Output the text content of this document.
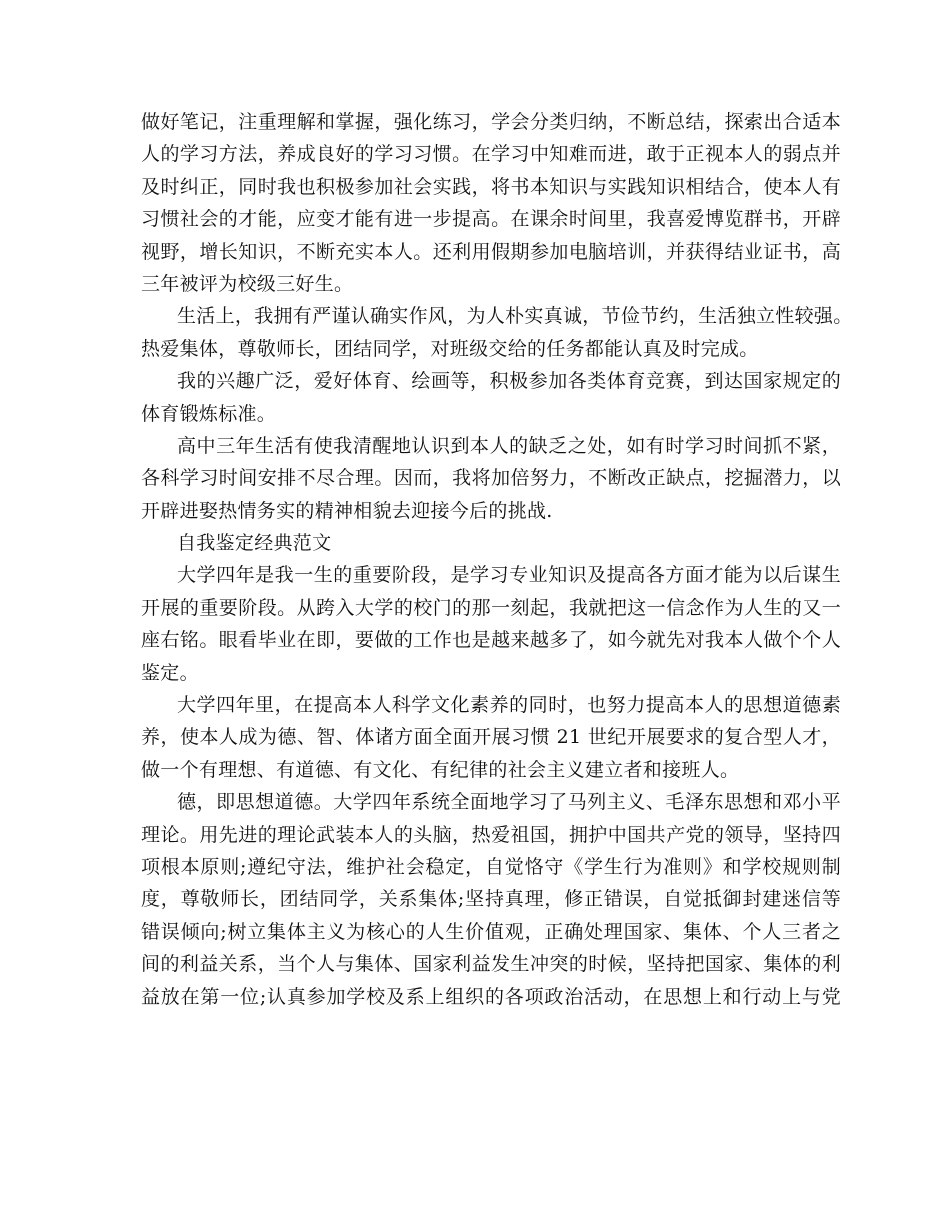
做好笔记，注重理解和掌握，强化练习，学会分类归纳，不断总结，探索出合适本
人的学习方法，养成良好的学习习惯。在学习中知难而进，敢于正视本人的弱点并
及时纠正，同时我也积极参加社会实践，将书本知识与实践知识相结合，使本人有
习惯社会的才能，应变才能有进一步提高。在课余时间里，我喜爱博览群书，开辟
视野，增长知识，不断充实本人。还利用假期参加电脑培训，并获得结业证书，高
三年被评为校级三好生。
生活上，我拥有严谨认确实作风，为人朴实真诚，节俭节约，生活独立性较强。
热爱集体，尊敬师长，团结同学，对班级交给的任务都能认真及时完成。
我的兴趣广泛，爱好体育、绘画等，积极参加各类体育竞赛，到达国家规定的
体育锻炼标准。
高中三年生活有使我清醒地认识到本人的缺乏之处，如有时学习时间抓不紧，
各科学习时间安排不尽合理。因而，我将加倍努力，不断改正缺点，挖掘潜力，以
开辟进娶热情务实的精神相貌去迎接今后的挑战.
自我鉴定经典范文
大学四年是我一生的重要阶段，是学习专业知识及提高各方面才能为以后谋生
开展的重要阶段。从跨入大学的校门的那一刻起，我就把这一信念作为人生的又一
座右铭。眼看毕业在即，要做的工作也是越来越多了，如今就先对我本人做个个人
鉴定。
大学四年里，在提高本人科学文化素养的同时，也努力提高本人的思想道德素
养，使本人成为德、智、体诸方面全面开展习惯 21 世纪开展要求的复合型人才，
做一个有理想、有道德、有文化、有纪律的社会主义建立者和接班人。
德，即思想道德。大学四年系统全面地学习了马列主义、毛泽东思想和邓小平
理论。用先进的理论武装本人的头脑，热爱祖国，拥护中国共产党的领导，坚持四
项根本原则;遵纪守法，维护社会稳定，自觉恪守《学生行为准则》和学校规则制
度，尊敬师长，团结同学，关系集体;坚持真理，修正错误，自觉抵御封建迷信等
错误倾向;树立集体主义为核心的人生价值观，正确处理国家、集体、个人三者之
间的利益关系，当个人与集体、国家利益发生冲突的时候，坚持把国家、集体的利
益放在第一位;认真参加学校及系上组织的各项政治活动，在思想上和行动上与党
